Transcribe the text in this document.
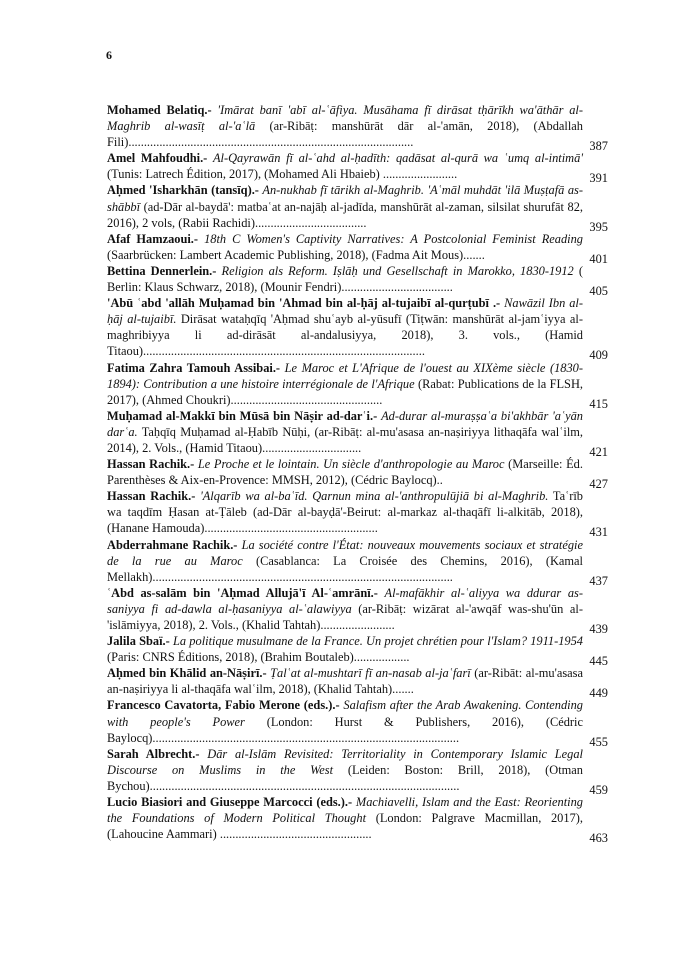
6
Mohamed Belatiq.- 'Imārat banī 'abī al-ʿāfiya. Musāhama fī dirāsat tḥārīkh wa'āthār al-Maghrib al-wasīṭ al-'aʿlā (ar-Ribāṭ: manshūrāt dār al-'amān, 2018), (Abdallah Fili)............................................................................................	387
Amel Mahfoudhi.- Al-Qayrawān fī al-ʿahd al-ḥadīth: qadāsat al-qurā wa ʿumq al-intimā' (Tunis: Latrech Édition, 2017), (Mohamed Ali Hbaieb) ........................	391
Aḥmed 'Isharkhān (tansīq).- An-nukhab fī tārikh al-Maghrib. 'Aʿmāl muhdāt 'ilā Muṣṭafā as-shābbī (ad-Dār al-baydā': matbaʿat an-najāḥ al-jadīda, manshūrāt al-zaman, silsilat shurufāt 82, 2016), 2 vols, (Rabii Rachidi)....................................	395
Afaf Hamzaoui.- 18th C Women's Captivity Narratives: A Postcolonial Feminist Reading (Saarbrücken: Lambert Academic Publishing, 2018), (Fadma Ait Mous).......	401
Bettina Dennerlein.- Religion als Reform. Iṣlāḥ und Gesellschaft in Marokko, 1830-1912 ( Berlin: Klaus Schwarz, 2018), (Mounir Fendri)....................................	405
'Abū ʿabd 'allāh Muḥamad bin 'Ahmad bin al-ḥāj al-tujaibī al-qurṭubī .- Nawāzil Ibn al-ḥāj al-tujaibī. Dirāsat wataḥqīq 'Aḥmad shuʿayb al-yūsufī (Tiṭwān: manshūrāt al-jamʿiyya al-maghribiyya li ad-dirāsāt al-andalusiyya, 2018), 3. vols., (Hamid Titaou)...........................................................................................	409
Fatima Zahra Tamouh Assibai.- Le Maroc et L'Afrique de l'ouest au XIXème siècle (1830-1894): Contribution a une histoire interrégionale de l'Afrique (Rabat: Publications de la FLSH, 2017), (Ahmed Choukri).................................................	415
Muḥamad al-Makkī bin Mūsā bin Nāṣir ad-darʿi.- Ad-durar al-muraṣṣaʿa bi'akhbār 'aʿyān darʿa. Taḥqīq Muḥamad al-Ḥabīb Nūḥi, (ar-Ribāṭ: al-mu'asasa an-naṣiriyya lithaqāfa walʿilm, 2014), 2. Vols., (Hamid Titaou)................................	421
Hassan Rachik.- Le Proche et le lointain. Un siècle d'anthropologie au Maroc (Marseille: Éd. Parenthèses & Aix-en-Provence: MMSH, 2012), (Cédric Baylocq)..	427
Hassan Rachik.- 'Alqarīb wa al-baʿīd. Qarnun mina al-'anthropulūjiā bi al-Maghrib. Taʿrīb wa taqdīm Ḥasan at-Ṭāleb (ad-Dār al-bayḍā'-Beirut: al-markaz al-thaqāfī li-alkitāb, 2018), (Hanane Hamouda)........................................................	431
Abderrahmane Rachik.- La société contre l'État: nouveaux mouvements sociaux et stratégie de la rue au Maroc (Casablanca: La Croisée des Chemins, 2016), (Kamal Mellakh).................................................................................................	437
ʿAbd as-salām bin 'Aḥmad Allujā'ī Al-ʿamrānī.- Al-mafākhir al-ʿaliyya wa ddurar as-saniyya fi ad-dawla al-ḥasaniyya al-ʿalawiyya (ar-Ribāṭ: wizārat al-'awqāf was-shu'ūn al-'islāmiyya, 2018), 2. Vols., (Khalid Tahtah)........................	439
Jalila Sbaï.- La politique musulmane de la France. Un projet chrétien pour l'Islam? 1911-1954 (Paris: CNRS Éditions, 2018), (Brahim Boutaleb)..................	445
Aḥmed bin Khālid an-Nāṣirī.- Ṭalʿat al-mushtarī fī an-nasab al-jaʿfarī (ar-Ribāt: al-mu'asasa an-naṣiriyya li al-thaqāfa walʿilm, 2018), (Khalid Tahtah).......	449
Francesco Cavatorta, Fabio Merone (eds.).- Salafism after the Arab Awakening. Contending with people's Power (London: Hurst & Publishers, 2016), (Cédric Baylocq)...................................................................................................	455
Sarah Albrecht.- Dār al-Islām Revisited: Territoriality in Contemporary Islamic Legal Discourse on Muslims in the West (Leiden: Boston: Brill, 2018), (Otman Bychou)....................................................................................................	459
Lucio Biasiori and Giuseppe Marcocci (eds.).- Machiavelli, Islam and the East: Reorienting the Foundations of Modern Political Thought (London: Palgrave Macmillan, 2017), (Lahoucine Aammari) .................................................	463
